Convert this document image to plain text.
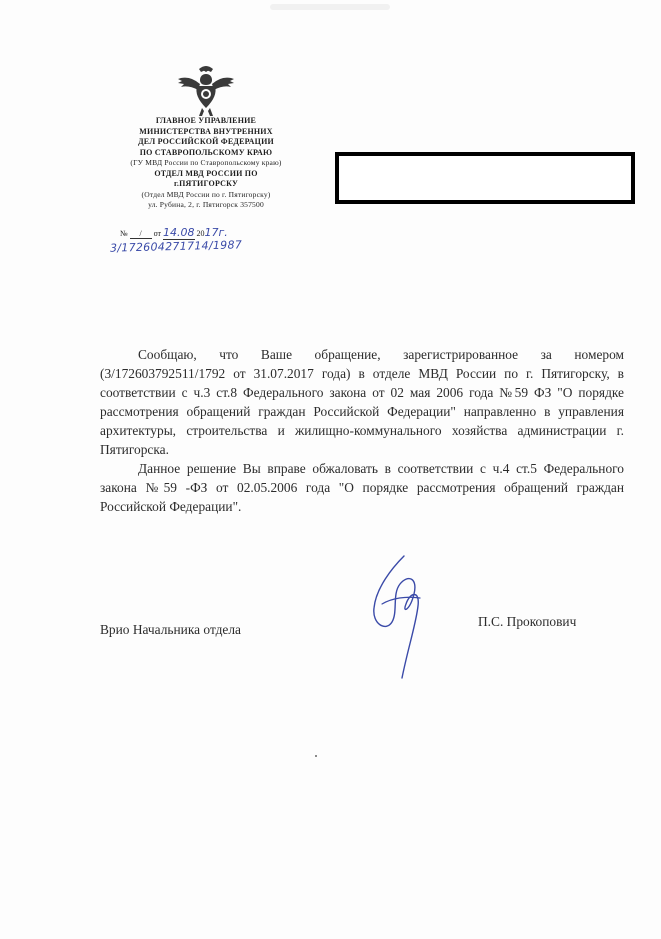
ГЛАВНОЕ УПРАВЛЕНИЕ
МИНИСТЕРСТВА ВНУТРЕННИХ
ДЕЛ РОССИЙСКОЙ ФЕДЕРАЦИИ
ПО СТАВРОПОЛЬСКОМУ КРАЮ
(ГУ МВД России по Ставропольскому краю)
ОТДЕЛ МВД РОССИИ ПО
г.ПЯТИГОРСКУ
(Отдел МВД России по г. Пятигорску)
ул. Рубина, 2, г. Пятигорск 357500
№ / от 14.08 2017г.
3/172604271714/1987

Сообщаю, что Ваше обращение, зарегистрированное за номером (3/172603792511/1792 от 31.07.2017 года) в отделе МВД России по г. Пятигорску, в соответствии с ч.3 ст.8 Федерального закона от 02 мая 2006 года №59 ФЗ "О порядке рассмотрения обращений граждан Российской Федерации" направленно в управления архитектуры, строительства и жилищно-коммунального хозяйства администрации г. Пятигорска.

Данное решение Вы вправе обжаловать в соответствии с ч.4 ст.5 Федерального закона №59 -ФЗ от 02.05.2006 года "О порядке рассмотрения обращений граждан Российской Федерации".

Врио Начальника отдела
П.С. Прокопович
